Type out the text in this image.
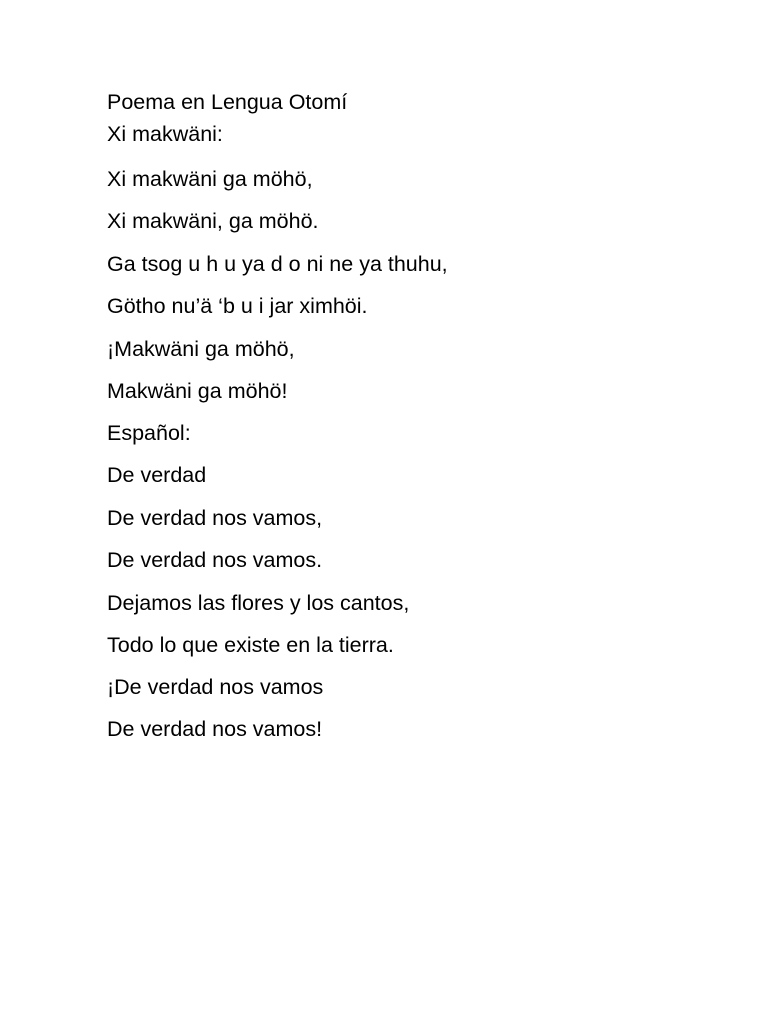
Poema en Lengua Otomí

Xi makwäni:

Xi makwäni ga möhö,

Xi makwäni, ga möhö.

Ga tsog u h u ya d o ni ne ya thuhu,

Götho nu’ä ‘b u i jar ximhöi.

¡Makwäni ga möhö,

Makwäni ga möhö!

Español:

De verdad

De verdad nos vamos,

De verdad nos vamos.

Dejamos las flores y los cantos,

Todo lo que existe en la tierra.

¡De verdad nos vamos

De verdad nos vamos!
